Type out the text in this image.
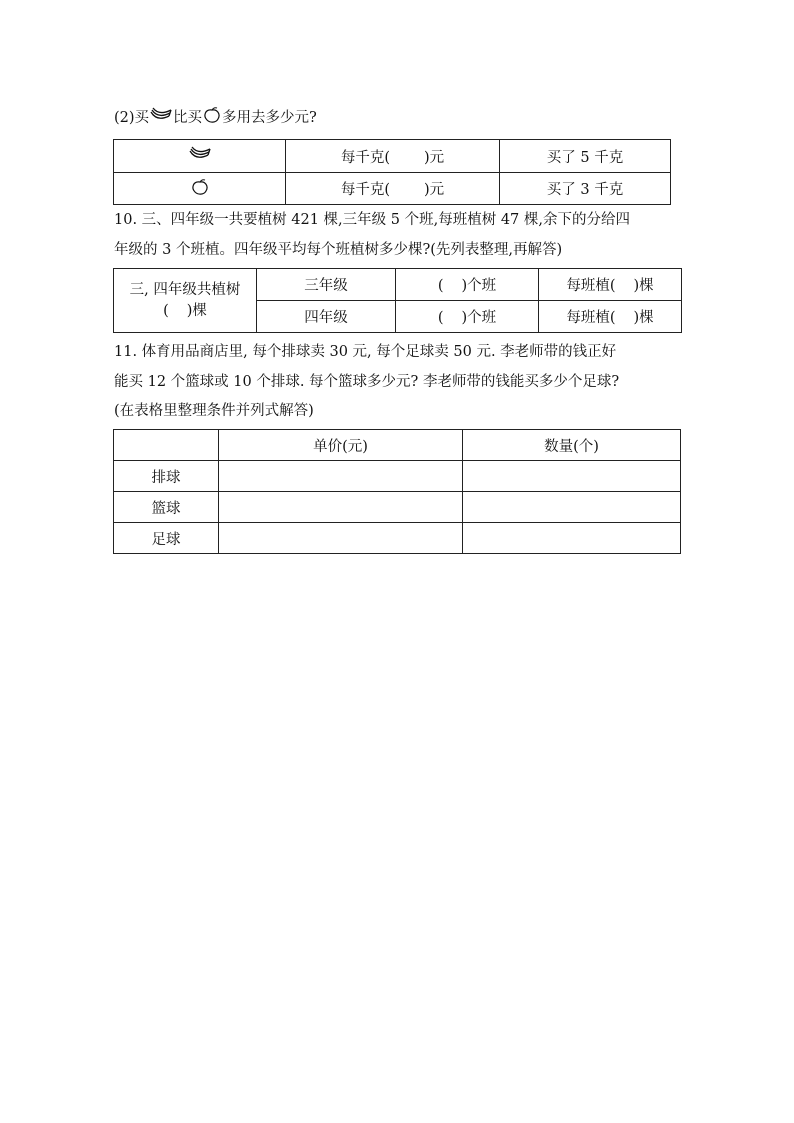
(2)买 比买 多用去多少元?
	每千克( )元	买了 5 千克
	每千克( )元	买了 3 千克
10. 三、四年级一共要植树 421 棵,三年级 5 个班,每班植树 47 棵,余下的分给四
年级的 3 个班植。四年级平均每个班植树多少棵?(先列表整理,再解答)
三, 四年级共植树
( )棵	三年级	( )个班	每班植( )棵
	四年级	( )个班	每班植( )棵
11. 体育用品商店里, 每个排球卖 30 元, 每个足球卖 50 元. 李老师带的钱正好
能买 12 个篮球或 10 个排球. 每个篮球多少元? 李老师带的钱能买多少个足球?
(在表格里整理条件并列式解答)
	单价(元)	数量(个)
排球		
篮球		
足球		
